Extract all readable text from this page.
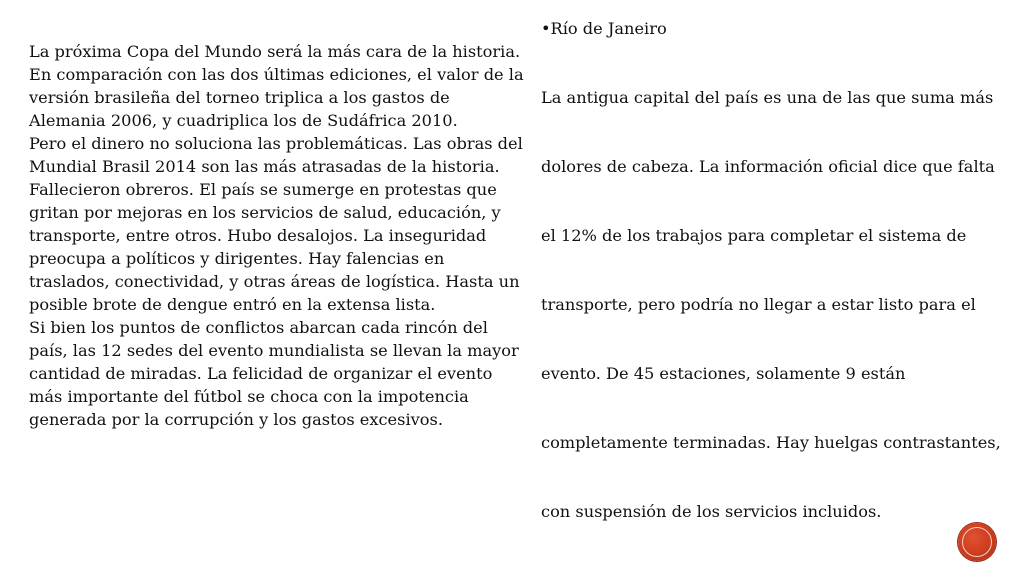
La próxima Copa del Mundo será la más cara de la historia. En comparación con las dos últimas ediciones, el valor de la versión brasileña del torneo triplica a los gastos de Alemania 2006, y cuadriplica los de Sudáfrica 2010.

Pero el dinero no soluciona las problemáticas. Las obras del Mundial Brasil 2014 son las más atrasadas de la historia. Fallecieron obreros. El país se sumerge en protestas que gritan por mejoras en los servicios de salud, educación, y transporte, entre otros. Hubo desalojos. La inseguridad preocupa a políticos y dirigentes. Hay falencias en traslados, conectividad, y otras áreas de logística. Hasta un posible brote de dengue entró en la extensa lista.

Si bien los puntos de conflictos abarcan cada rincón del país, las 12 sedes del evento mundialista se llevan la mayor cantidad de miradas. La felicidad de organizar el evento más importante del fútbol se choca con la impotencia generada por la corrupción y los gastos excesivos.

•Río de Janeiro

La antigua capital del país es una de las que suma más

dolores de cabeza. La información oficial dice que falta

el 12% de los trabajos para completar el sistema de

transporte, pero podría no llegar a estar listo para el

evento. De 45 estaciones, solamente 9 están

completamente terminadas. Hay huelgas contrastantes,

con suspensión de los servicios incluidos.
